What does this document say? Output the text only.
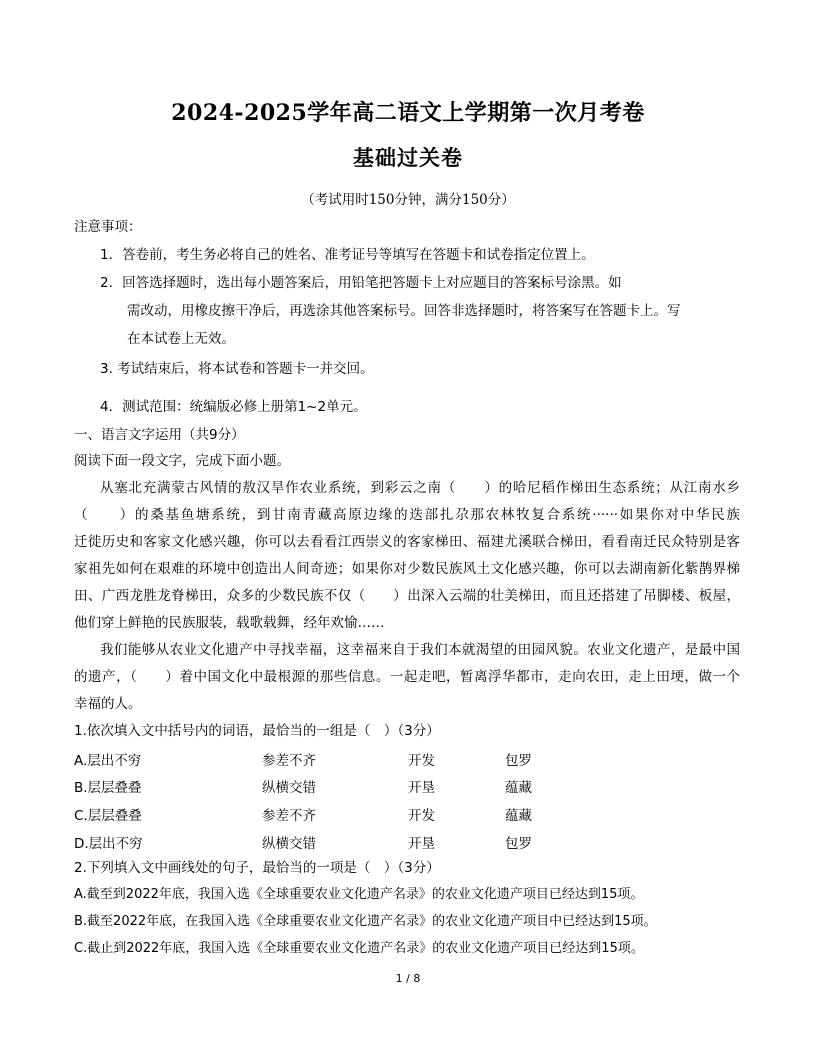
2024-2025学年高二语文上学期第一次月考卷
基础过关卷
（考试用时150分钟，满分150分）
注意事项：
1．答卷前，考生务必将自己的姓名、准考证号等填写在答题卡和试卷指定位置上。
2．回答选择题时，选出每小题答案后，用铅笔把答题卡上对应题目的答案标号涂黑。如
需改动，用橡皮擦干净后，再选涂其他答案标号。回答非选择题时，将答案写在答题卡上。写
在本试卷上无效。
3. 考试结束后，将本试卷和答题卡一并交回。
4．测试范围：统编版必修上册第1~2单元。
一、语言文字运用（共9分）
阅读下面一段文字，完成下面小题。
从塞北充满蒙古风情的敖汉旱作农业系统，到彩云之南（　　）的哈尼稻作梯田生态系统；从江南水乡
（　　）的桑基鱼塘系统，到甘南青藏高原边缘的迭部扎尕那农林牧复合系统······如果你对中华民族
迁徙历史和客家文化感兴趣，你可以去看看江西崇义的客家梯田、福建尤溪联合梯田，看看南迁民众特别是客
家祖先如何在艰难的环境中创造出人间奇迹；如果你对少数民族风土文化感兴趣，你可以去湖南新化紫鹊界梯
田、广西龙胜龙脊梯田，众多的少数民族不仅（　　）出深入云端的壮美梯田，而且还搭建了吊脚楼、板屋，
他们穿上鲜艳的民族服装，载歌载舞，经年欢愉……
我们能够从农业文化遗产中寻找幸福，这幸福来自于我们本就渴望的田园风貌。农业文化遗产，是最中国
的遗产，（　　）着中国文化中最根源的那些信息。一起走吧，暂离浮华都市，走向农田，走上田埂，做一个
幸福的人。
1.依次填入文中括号内的词语，最恰当的一组是（　）（3分）
A.层出不穷	参差不齐	开发	包罗
B.层层叠叠	纵横交错	开垦	蕴藏
C.层层叠叠	参差不齐	开发	蕴藏
D.层出不穷	纵横交错	开垦	包罗
2.下列填入文中画线处的句子，最恰当的一项是（　）（3分）
A.截至到2022年底，我国入选《全球重要农业文化遗产名录》的农业文化遗产项目已经达到15项。
B.截至2022年底，在我国入选《全球重要农业文化遗产名录》的农业文化遗产项目中已经达到15项。
C.截止到2022年底，我国入选《全球重要农业文化遗产名录》的农业文化遗产项目已经达到15项。
1 / 8
